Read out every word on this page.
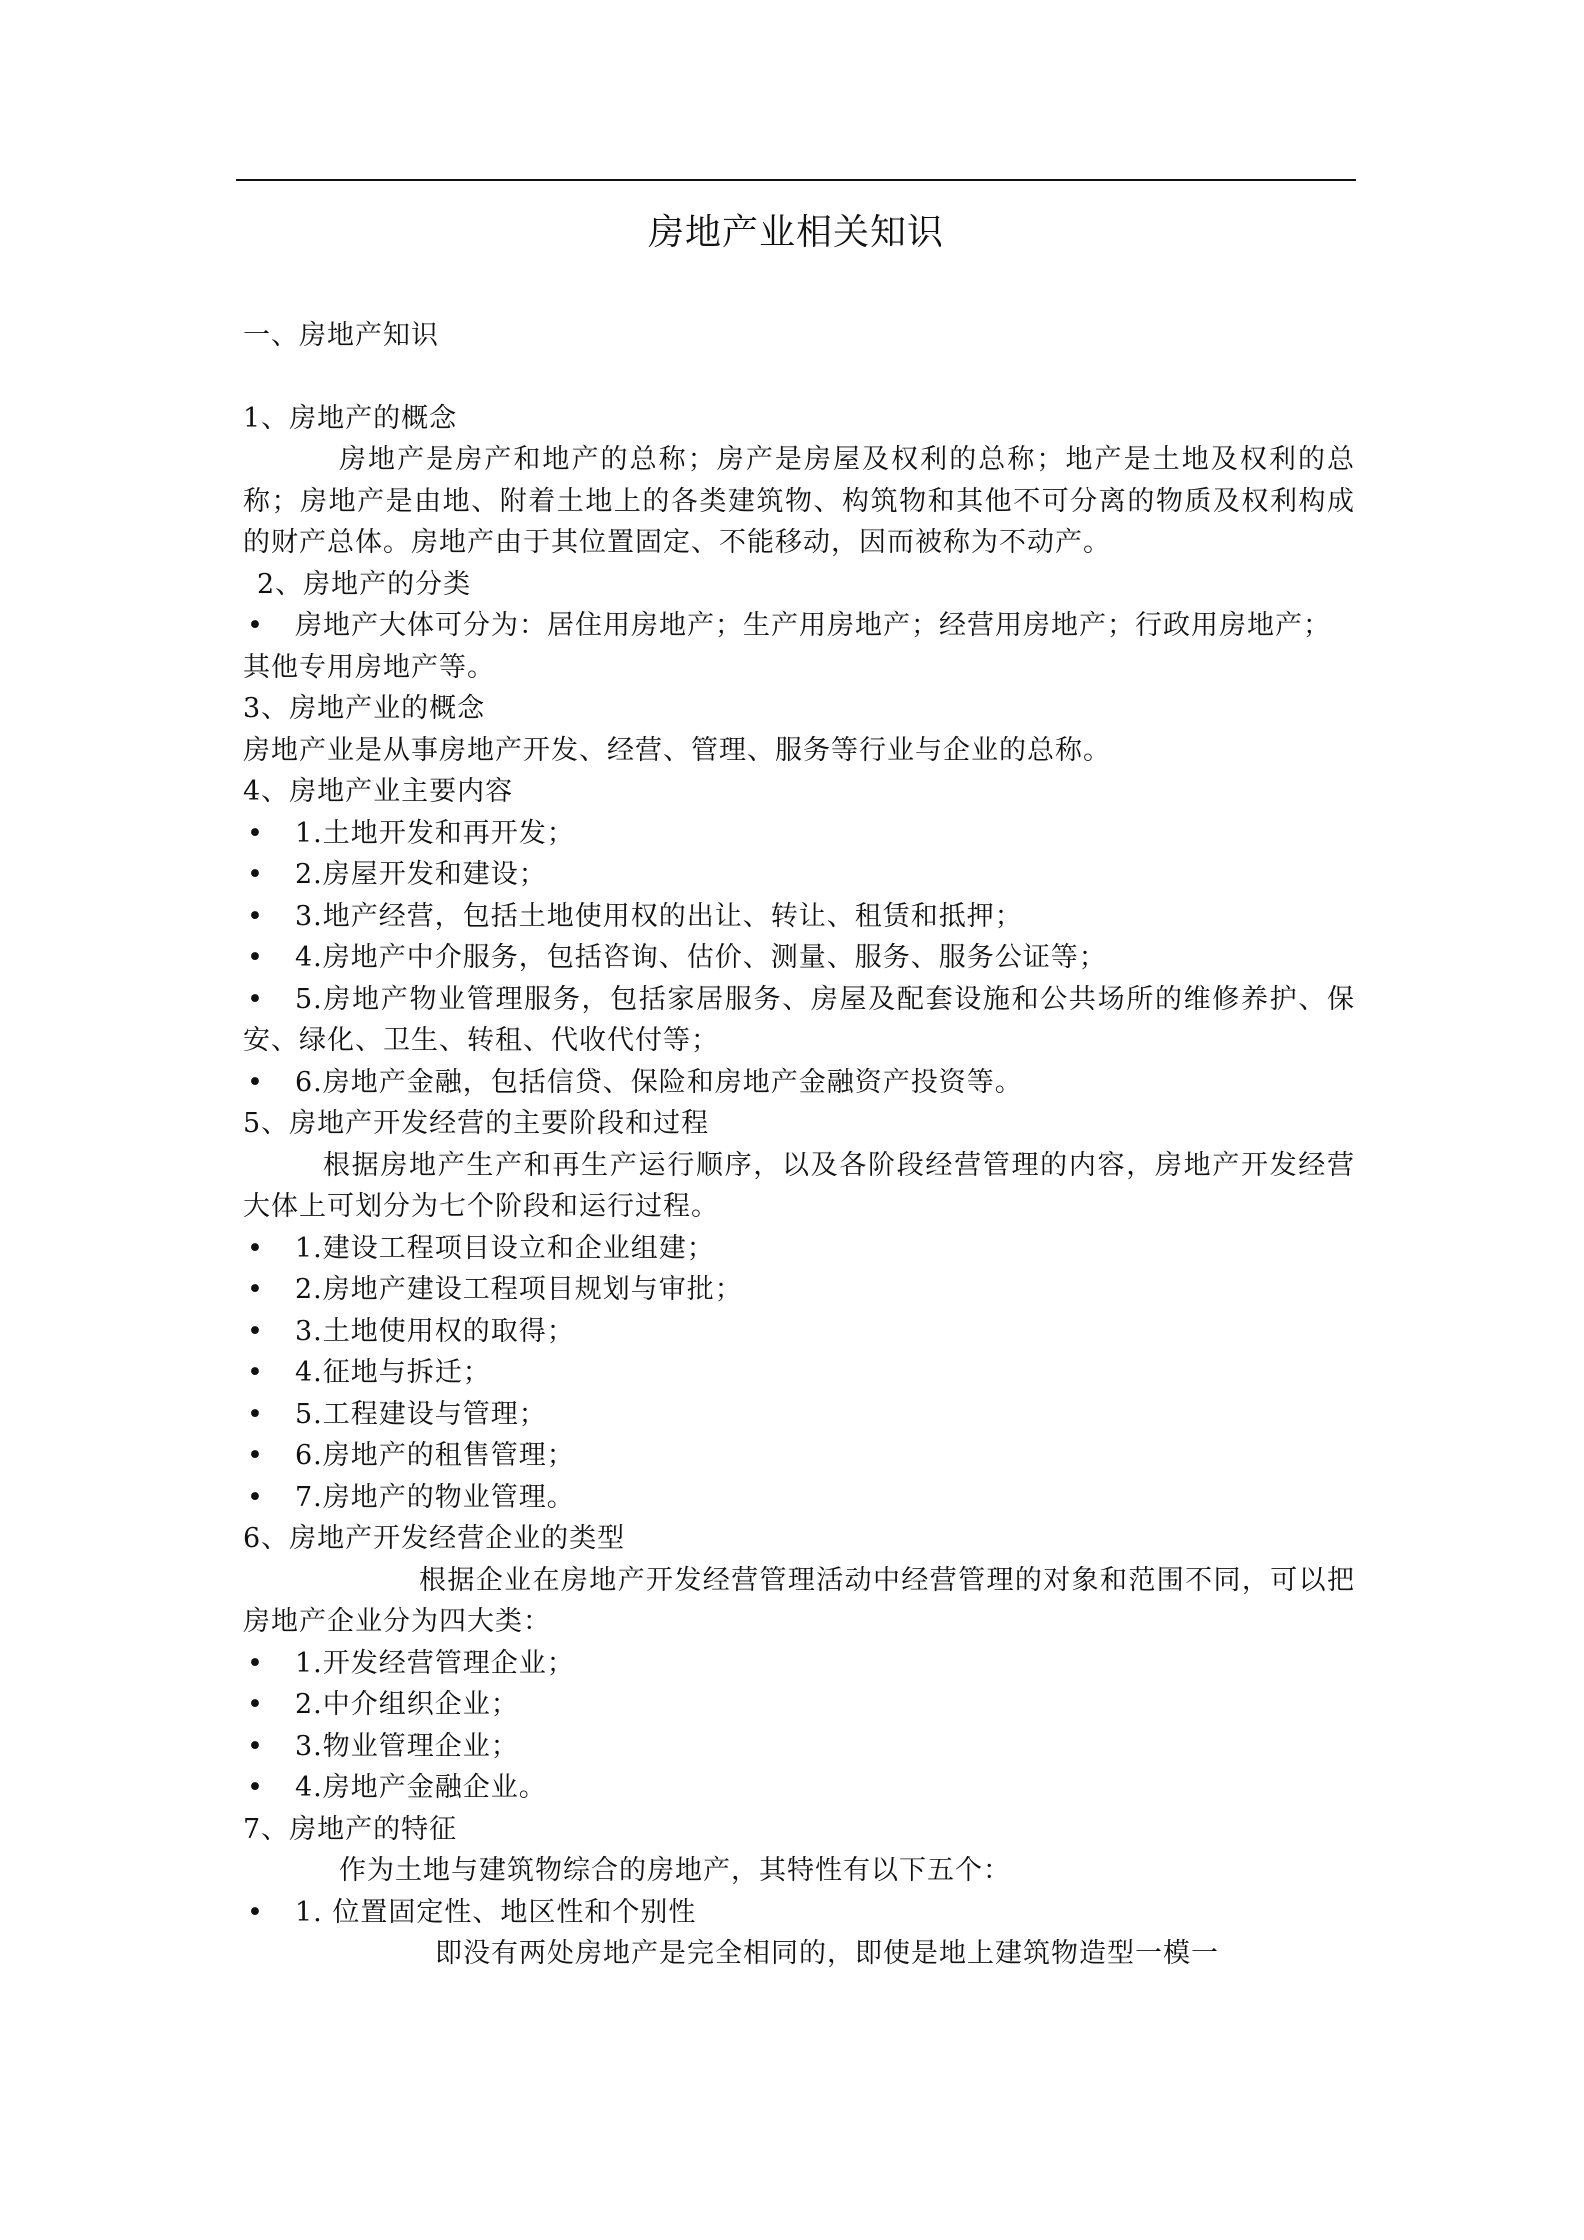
房地产业相关知识

一、房地产知识

1、房地产的概念

房地产是房产和地产的总称；房产是房屋及权利的总称；地产是土地及权利的总称；房地产是由地、附着土地上的各类建筑物、构筑物和其他不可分离的物质及权利构成的财产总体。房地产由于其位置固定、不能移动，因而被称为不动产。

2、房地产的分类

• 房地产大体可分为：居住用房地产；生产用房地产；经营用房地产；行政用房地产；其他专用房地产等。

3、房地产业的概念

房地产业是从事房地产开发、经营、管理、服务等行业与企业的总称。

4、房地产业主要内容

• 1.土地开发和再开发；

• 2.房屋开发和建设；

• 3.地产经营，包括土地使用权的出让、转让、租赁和抵押；

• 4.房地产中介服务，包括咨询、估价、测量、服务、服务公证等；

• 5.房地产物业管理服务，包括家居服务、房屋及配套设施和公共场所的维修养护、保安、绿化、卫生、转租、代收代付等；

• 6.房地产金融，包括信贷、保险和房地产金融资产投资等。

5、房地产开发经营的主要阶段和过程

根据房地产生产和再生产运行顺序，以及各阶段经营管理的内容，房地产开发经营大体上可划分为七个阶段和运行过程。

• 1.建设工程项目设立和企业组建；

• 2.房地产建设工程项目规划与审批；

• 3.土地使用权的取得；

• 4.征地与拆迁；

• 5.工程建设与管理；

• 6.房地产的租售管理；

• 7.房地产的物业管理。

6、房地产开发经营企业的类型

根据企业在房地产开发经营管理活动中经营管理的对象和范围不同，可以把房地产企业分为四大类：

• 1.开发经营管理企业；

• 2.中介组织企业；

• 3.物业管理企业；

• 4.房地产金融企业。

7、房地产的特征

作为土地与建筑物综合的房地产，其特性有以下五个：

• 1. 位置固定性、地区性和个别性

即没有两处房地产是完全相同的，即使是地上建筑物造型一模一
